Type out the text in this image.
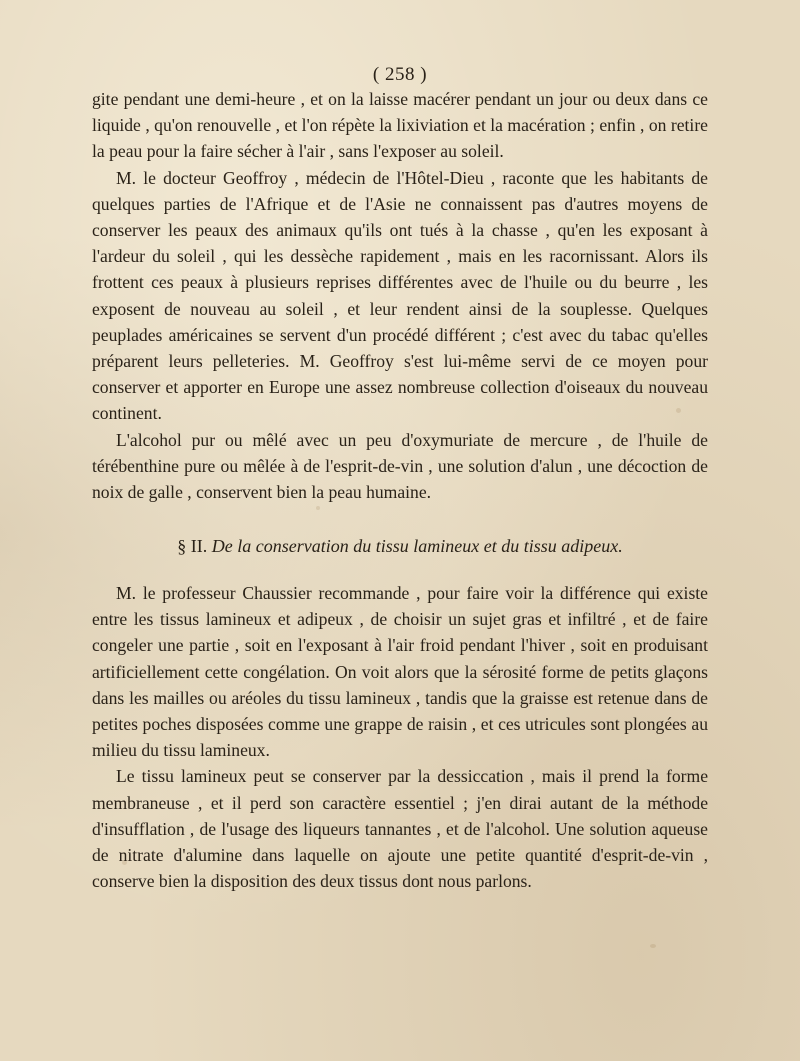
( 258 )

gite pendant une demi-heure , et on la laisse macérer pendant un jour ou deux dans ce liquide , qu'on renouvelle , et l'on répète la lixiviation et la macération ; enfin , on retire la peau pour la faire sécher à l'air , sans l'exposer au soleil.

M. le docteur Geoffroy , médecin de l'Hôtel-Dieu , raconte que les habitants de quelques parties de l'Afrique et de l'Asie ne connaissent pas d'autres moyens de conserver les peaux des animaux qu'ils ont tués à la chasse , qu'en les exposant à l'ardeur du soleil , qui les dessèche rapidement , mais en les racornissant. Alors ils frottent ces peaux à plusieurs reprises différentes avec de l'huile ou du beurre , les exposent de nouveau au soleil , et leur rendent ainsi de la souplesse. Quelques peuplades américaines se servent d'un procédé différent ; c'est avec du tabac qu'elles préparent leurs pelleteries. M. Geoffroy s'est lui-même servi de ce moyen pour conserver et apporter en Europe une assez nombreuse collection d'oiseaux du nouveau continent.

L'alcohol pur ou mêlé avec un peu d'oxymuriate de mercure , de l'huile de térébenthine pure ou mêlée à de l'esprit-de-vin , une solution d'alun , une décoction de noix de galle , conservent bien la peau humaine.

§ II. De la conservation du tissu lamineux et du tissu adipeux.

M. le professeur Chaussier recommande , pour faire voir la différence qui existe entre les tissus lamineux et adipeux , de choisir un sujet gras et infiltré , et de faire congeler une partie , soit en l'exposant à l'air froid pendant l'hiver , soit en produisant artificiellement cette congélation. On voit alors que la sérosité forme de petits glaçons dans les mailles ou aréoles du tissu lamineux , tandis que la graisse est retenue dans de petites poches disposées comme une grappe de raisin , et ces utricules sont plongées au milieu du tissu lamineux.

Le tissu lamineux peut se conserver par la dessiccation , mais il prend la forme membraneuse , et il perd son caractère essentiel ; j'en dirai autant de la méthode d'insufflation , de l'usage des liqueurs tannantes , et de l'alcohol. Une solution aqueuse de nitrate d'alumine dans laquelle on ajoute une petite quantité d'esprit-de-vin , conserve bien la disposition des deux tissus dont nous parlons.
